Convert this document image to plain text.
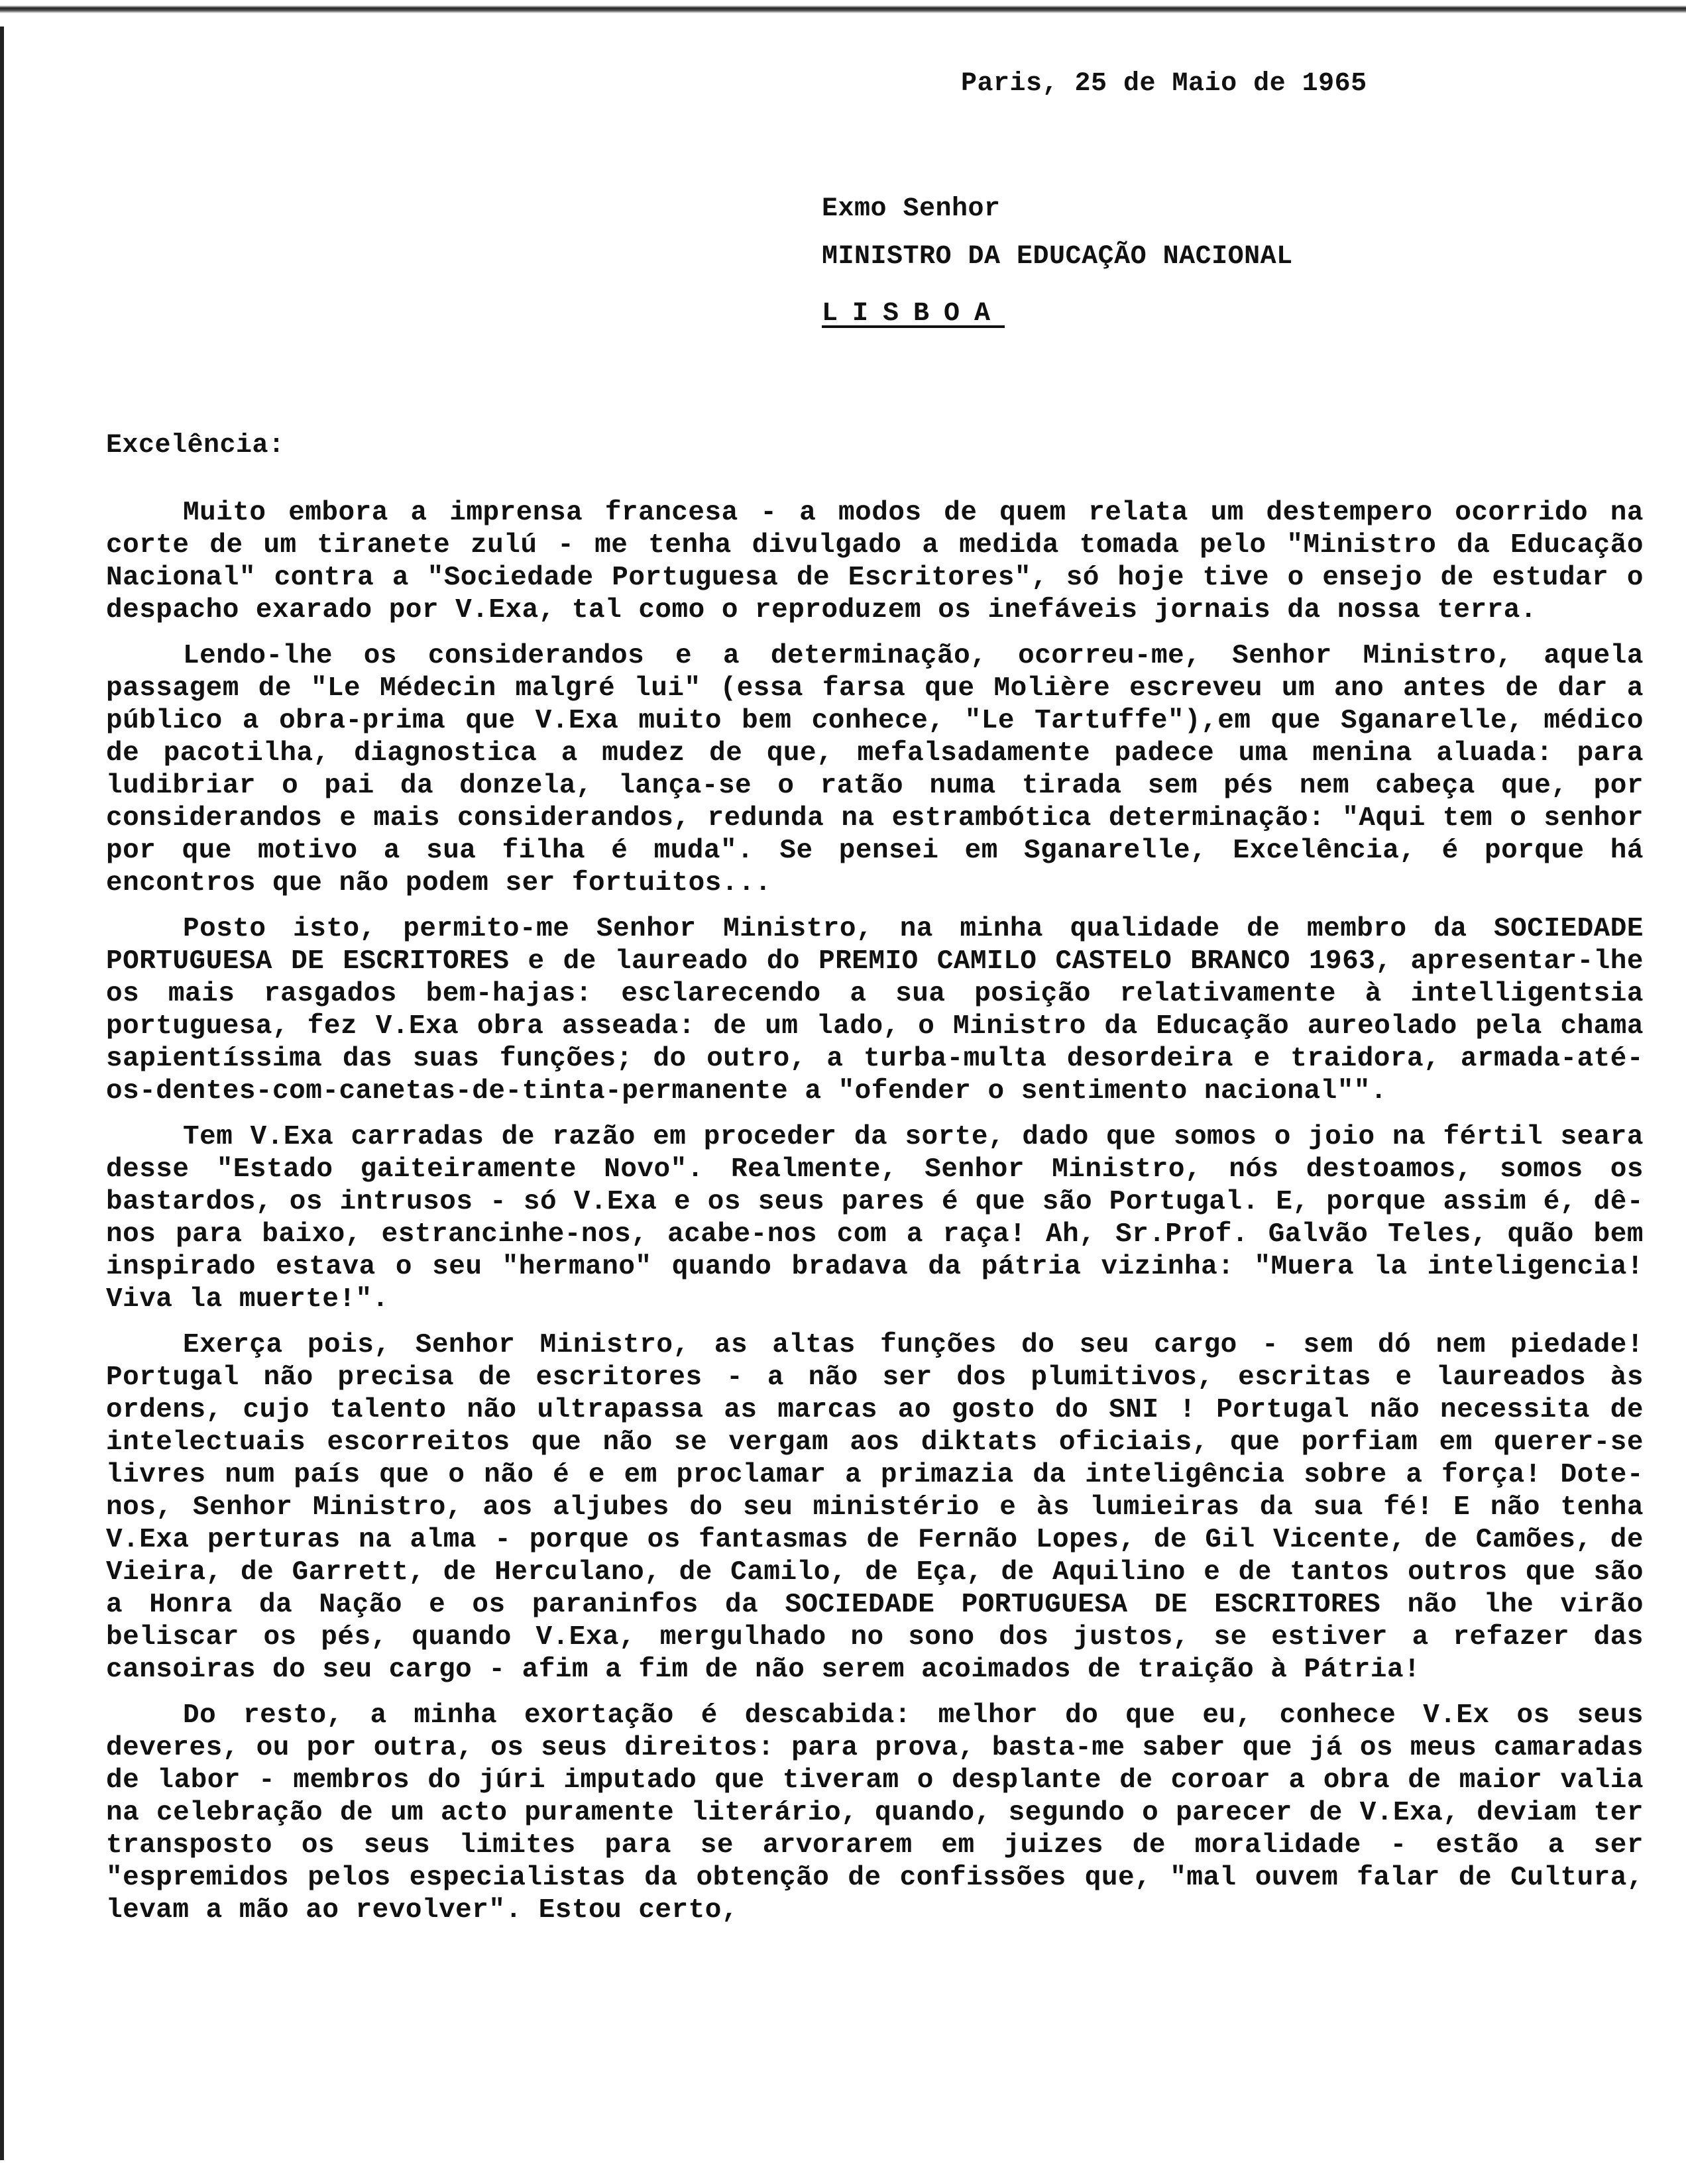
Paris, 25 de Maio de 1965
Exmo Senhor
MINISTRO DA EDUCAÇÃO NACIONAL
LISBOA
Excelência:

Muito embora a imprensa francesa - a modos de quem relata um destempero ocorrido na corte de um tiranete zulú - me tenha divulgado a medida tomada pelo "Ministro da Educação Nacional" contra a "Sociedade Portuguesa de Escritores", só hoje tive o ensejo de estudar o despacho exarado por V.Exa, tal como o reproduzem os inefáveis jornais da nossa terra.

Lendo-lhe os considerandos e a determinação, ocorreu-me, Senhor Ministro, aquela passagem de "Le Médecin malgré lui" (essa farsa que Molière escreveu um ano antes de dar a público a obra-prima que V.Exa muito bem conhece, "Le Tartuffe"),em que Sganarelle, médico de pacotilha, diagnostica a mudez de que, mefalsadamente padece uma menina aluada: para ludibriar o pai da donzela, lança-se o ratão numa tirada sem pés nem cabeça que, por considerandos e mais considerandos, redunda na estrambótica determinação: "Aqui tem o senhor por que motivo a sua filha é muda". Se pensei em Sganarelle, Excelência, é porque há encontros que não podem ser fortuitos...

Posto isto, permito-me Senhor Ministro, na minha qualidade de membro da SOCIEDADE PORTUGUESA DE ESCRITORES e de laureado do PREMIO CAMILO CASTELO BRANCO 1963, apresentar-lhe os mais rasgados bem-hajas: esclarecendo a sua posição relativamente à intelligentsia portuguesa, fez V.Exa obra asseada: de um lado, o Ministro da Educação aureolado pela chama sapientíssima das suas funções; do outro, a turba-multa desordeira e traidora, armada-até-os-dentes-com-canetas-de-tinta-permanente a "ofender o sentimento nacional"".

Tem V.Exa carradas de razão em proceder da sorte, dado que somos o joio na fértil seara desse "Estado gaiteiramente Novo". Realmente, Senhor Ministro, nós destoamos, somos os bastardos, os intrusos - só V.Exa e os seus pares é que são Portugal. E, porque assim é, dê-nos para baixo, estrancinhe-nos, acabe-nos com a raça! Ah, Sr.Prof. Galvão Teles, quão bem inspirado estava o seu "hermano" quando bradava da pátria vizinha: "Muera la inteligencia! Viva la muerte!".

Exerça pois, Senhor Ministro, as altas funções do seu cargo - sem dó nem piedade! Portugal não precisa de escritores - a não ser dos plumitivos, escritas e laureados às ordens, cujo talento não ultrapassa as marcas ao gosto do SNI ! Portugal não necessita de intelectuais escorreitos que não se vergam aos diktats oficiais, que porfiam em querer-se livres num país que o não é e em proclamar a primazia da inteligência sobre a força! Dote-nos, Senhor Ministro, aos aljubes do seu ministério e às lumieiras da sua fé! E não tenha V.Exa perturas na alma - porque os fantasmas de Fernão Lopes, de Gil Vicente, de Camões, de Vieira, de Garrett, de Herculano, de Camilo, de Eça, de Aquilino e de tantos outros que são a Honra da Nação e os paraninfos da SOCIEDADE PORTUGUESA DE ESCRITORES não lhe virão beliscar os pés, quando V.Exa, mergulhado no sono dos justos, se estiver a refazer das cansoiras do seu cargo - afim a fim de não serem acoimados de traição à Pátria!

Do resto, a minha exortação é descabida: melhor do que eu, conhece V.Ex os seus deveres, ou por outra, os seus direitos: para prova, basta-me saber que já os meus camaradas de labor - membros do júri imputado que tiveram o desplante de coroar a obra de maior valia na celebração de um acto puramente literário, quando, segundo o parecer de V.Exa, deviam ter transposto os seus limites para se arvorarem em juizes de moralidade - estão a ser "espremidos pelos especialistas da obtenção de confissões que, "mal ouvem falar de Cultura, levam a mão ao revolver". Estou certo,
